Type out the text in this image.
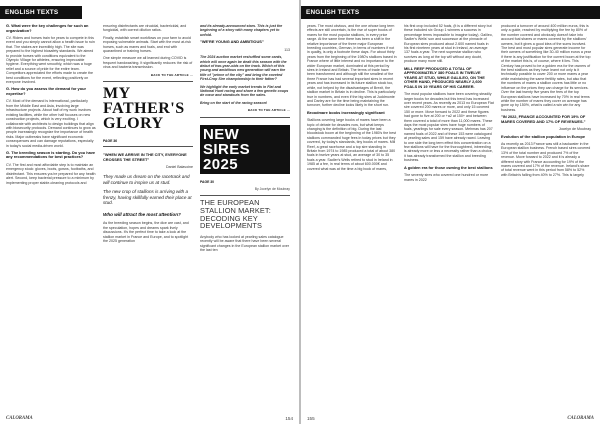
ENGLISH TEXTS

G. What were the key challenges for such an organization?

CV. Riders and horses train for years to compete in this event and you simply cannot allow a health issue to ruin that. The stakes are incredibly high. The site was prepared to the highest biosafety standards. We aimed to provide horses with conditions equivalent to the Olympic Village for athletes, ensuring impeccable hygiene. Everything went smoothly, which was a huge relief and a source of pride for the entire team. Competitors appreciated the efforts made to create the best conditions for the event, reflecting positively on everyone involved.

G. How do you assess the demand for your expertise?

CV. Most of the demand is international, particularly from the Middle East and Asia, involving large infrastructure projects. About half of my work involves existing facilities, while the other half focuses on new construction projects, which is very exciting. I collaborate with architects to design buildings that align with biosecurity protocols. Demand continues to grow as people increasingly recognize the importance of health risks. Major outbreaks have significant economic consequences and can damage reputations, especially in today's social media-driven world.

G. The breeding season is starting. Do you have any recommendations for best practices?

CV. The first and most affordable step is to maintain an emergency stock: gloves, boots, gowns, footbaths, and disinfectant. This ensures you're prepared for any health alert. Second, keep bacterial pressure to a minimum by implementing proper stable-cleaning protocols and

ensuring disinfectants are virucidal, bactericidal, and fungicidal, with correct dilution ratios.

Finally, establish smart workflows on your farm to avoid exposing vulnerable animals. Start with the most at-risk horses, such as mares and foals, and end with quarantined or training horses.

One simple measure we all learned during COVID is frequent handwashing. It significantly reduces the risk of virus and bacteria transmission.

BACK TO THE ARTICLE ...
MY FATHER'S GLORY
PAGE 36
"WHEN WE ARRIVE IN THE CITY, EVERYONE CROSSES THE STREET"
Daniel Balavoine
They made us dream on the racetrack and will continue to inspire us at stud.
The new crop of stallions is arriving with a frenzy, having skillfully earned their place at stud.
Who will attract the most attention?

As the breeding season begins, the dice are cast, and the speculation, hopes and dreams spark lively discussions. It's the perfect time to take a look at the stallion market in France and Europe, and to spotlight the 2025 generation

and its already-announced stars. This is just the beginning of a story with many chapters yet to unfold.

"WE'RE YOUNG AND AMBITIOUS"

113

The 2024 auction market reshuffled some cards, which will once again be dealt this season with the debut of two-year-olds on the track. Which of this young and ambitious new generation will earn the title of "prince of the city" and bring the coveted First-Crop Sire championship to their father?

We highlight the early market trends in Flat and National Hunt racing and share a few genetic coups de cœur and standouts from the sales.

Bring on the start of the racing season!

BACK TO THE ARTICLE ...
NEW SIRES 2025
PAGE 30
By Jocelyn de Moubray
THE EUROPEAN STALLION MARKET: DECODING KEY DEVELOPMENTS

Anybody who has looked at yearling sales catalogue recently will be aware that there have been several significant changes in the European stallion market over the last ten

CALORAMA	154
ENGLISH TEXTS

years. The most obvious, and the one whose long term effects are still uncertain, is the rise of super books of mares for the most popular stallions, in every price range. At the same time there has been a shift in the relative importance of the three major European breeding countries, German, in terms of numbers if not in quality, is only a footnote these days. For about thirty years from the beginning of the 1980's stallions based in France where of little interest and no importance to the wider European market, dominated at this period by sires in Ireland and Britain. The terms of trade have been transformed and although still the smallest of the three France has had several important sires in recent years and has increased in its future stallion stock too, while, not helped by the disadvantages of Brexit, the stallion market in Britain is in decline. This is particularly true in numbers, and even if the big sires at Juddmonte and Darley are for the time being maintaining the turnover, further decline looks likely in the short run.

Broodmare books increasingly significant

Stallions covering large books of mares have been a topic of debate for decades now, but what keeps changing is the definition of big. During the last bloodstock boom at the beginning of the 1980's the best stallions commanded huge fees in today prices but they covered, by today's standards, tiny books of mares. Mill Reef, a great racehorse and a top sire standing in Britain from 1974 to 1985 produced a total of about 380 foals in twelve years at stud, an average of 30 to 35 foals a year. Sadler's Wells retired to stud in Ireland in 1985 at a fee, in real terms of about 600.000€ and covered what was at the time a big book of mares,

his first crop included 52 foals, (it is a different story but these included six Group 1 winners a success in percentage terms impossible to imagine today). Galileo, Sadler's Wells' son and successor at the pinnacle of European sires produced about 2.600 named foals in his first nineteen years at stud in Ireland, an average 137 foals a year. The next superstar stallion who survives as long at the top will without any doubt, produce many more still.

MILL REEF PRODUCED A TOTAL OF APPROXIMATELY 380 FOALS IN TWELVE YEARS AT STUD, WHILE GALILEO, ON THE OTHER HAND, PRODUCED NEARLY 2,600 FOALS IN 19 YEARS OF HIS CAREER.

The most popular stallions have been covering steadily larger books for decades but this trend has increased over recent years. As recently as 2013 no European Flat sire covered 200 mares or more, and only 15 covered 150 or more. Move forward to 2022 and these figures had gone to five at 200 or +a2 at 150+ and between them covered a total of more than 11,000 mares. These days the most popular sires have huge numbers of foals, yearlings for sale every season. Mehmas has 207 named foals of 2022 and of these 153 were catalogued at yearling sales and 159 have already raced. Leaving to one side the long term effect this concentration on a few stallions will have for the thoroughbred, inbreeding is already more or less a necessity rather than a choice, it has already transformed the stallion and breeding business.

A golden era for those owning the best stallions

The seventy sires who covered one hundred or more mares in 2022

produced a turnover of around 400 million euros, this is only a guide, reached by multiplying the fee by 80% of the number covered and obviously doesn't take into account foal shares or mares covered by the stallions' owners, but it gives a good idea of the sums involved. The best and most popular sires generate income for their owners of something like 30-40 million euros a year if there is any justification for the current boom at the top of the market this is, of course, where it lies. This Century has proved to be a golden era for the owners of the best stallions as they have learnt not only is it technically possible to cover 200 or more mares a year while maintaining the same fertility rates, but also that the numbers of mares a stallion covers has little or no influence on the prices they can charge for its services. Over the last twenty five years the fees of the top European stallions have increased by 70% in real terms while the number of mares they cover on average has gone up by 150%, what is called a win win for any business.

"IN 2022, FRANCE ACCOUNTED FOR 19% OF MARES COVERED AND 17% OF REVENUES."

Jocelyn de Moubray

Evolution of the stallion population in Europe

As recently as 2013 France was still a backwater in the European stallion business. French based sires covered 13% of the total number and produced 7% of the revenue. Move forward to 2022 and it is already a different story with France accounting for 19% of the mares covered and 17% of the revenue. Ireland's share of total revenue went in this period from 58% to 52% with Britain's falling from 40% to 27%. This is largely

155	CALORAMA
